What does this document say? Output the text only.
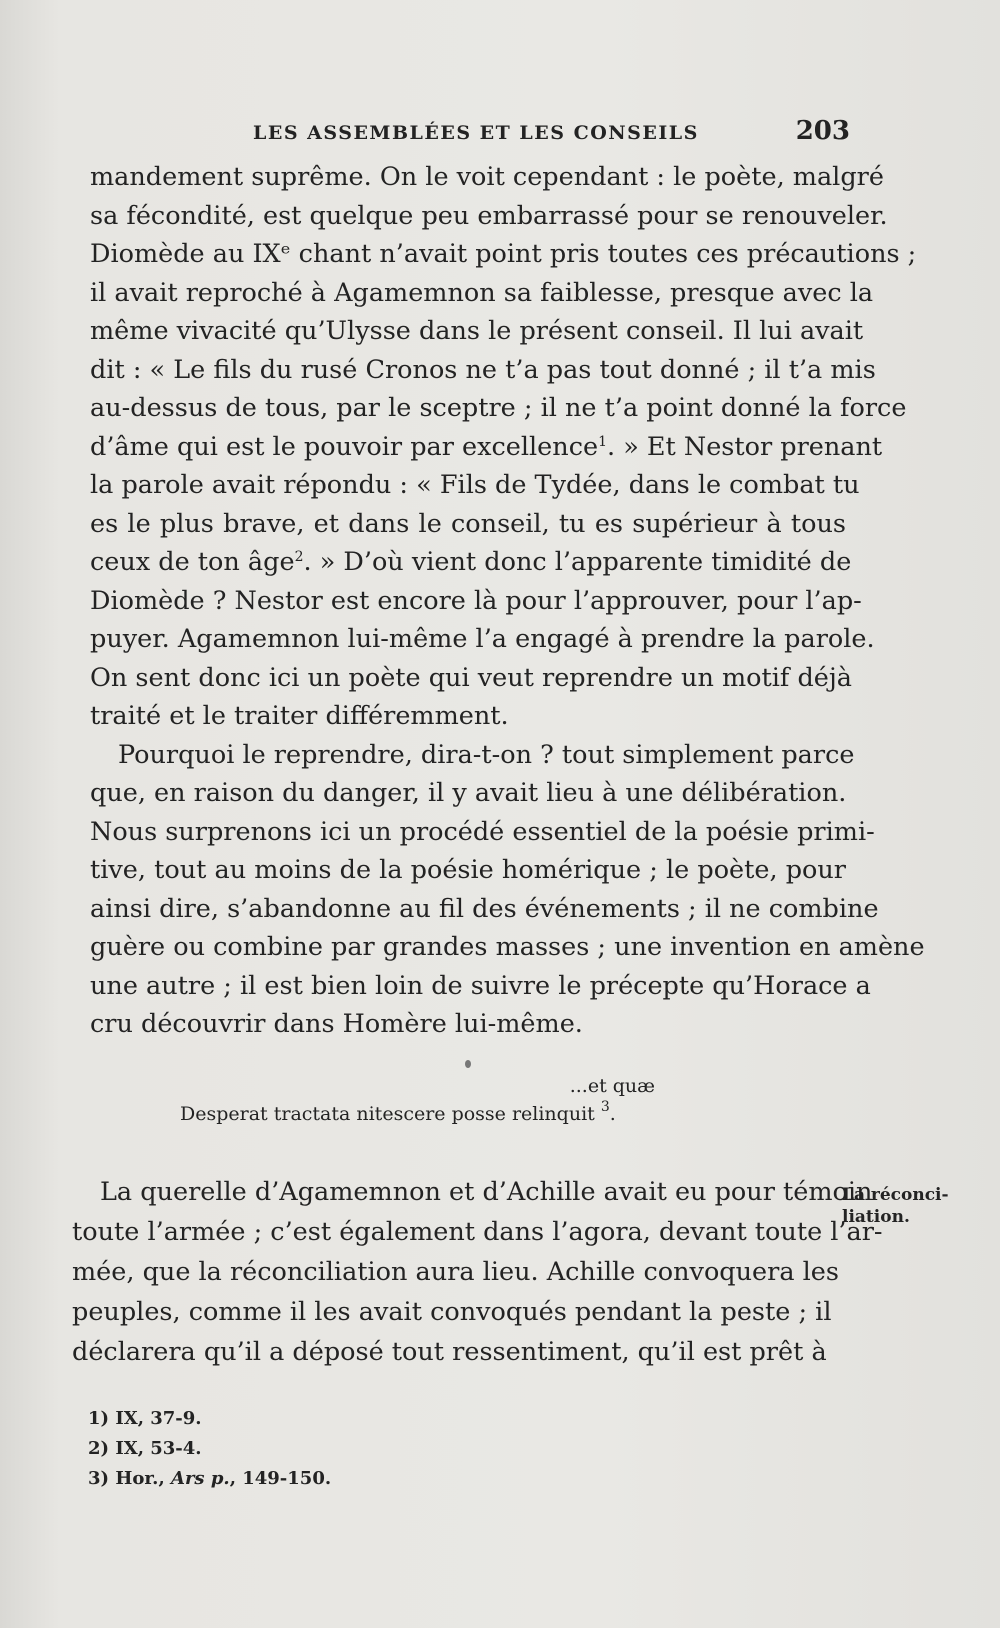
LES ASSEMBLÉES ET LES CONSEILS	203
mandement suprême. On le voit cependant : le poète, malgré
sa fécondité, est quelque peu embarrassé pour se renouveler.
Diomède au IXᵉ chant n’avait point pris toutes ces précautions ;
il avait reproché à Agamemnon sa faiblesse, presque avec la
même vivacité qu’Ulysse dans le présent conseil. Il lui avait
dit : « Le fils du rusé Cronos ne t’a pas tout donné ; il t’a mis
au-dessus de tous, par le sceptre ; il ne t’a point donné la force
d’âme qui est le pouvoir par excellence$^1$. » Et Nestor prenant
la parole avait répondu : « Fils de Tydée, dans le combat tu
es le plus brave, et dans le conseil, tu es supérieur à tous
ceux de ton âge$^2$. » D’où vient donc l’apparente timidité de
Diomède ? Nestor est encore là pour l’approuver, pour l’ap-
puyer. Agamemnon lui-même l’a engagé à prendre la parole.
On sent donc ici un poète qui veut reprendre un motif déjà
traité et le traiter différemment.
Pourquoi le reprendre, dira-t-on ? tout simplement parce
que, en raison du danger, il y avait lieu à une délibération.
Nous surprenons ici un procédé essentiel de la poésie primi-
tive, tout au moins de la poésie homérique ; le poète, pour
ainsi dire, s’abandonne au fil des événements ; il ne combine
guère ou combine par grandes masses ; une invention en amène
une autre ; il est bien loin de suivre le précepte qu’Horace a
cru découvrir dans Homère lui-même.
...et quæ
Desperat tractata nitescere posse relinquit $^3$.
La querelle d’Agamemnon et d’Achille avait eu pour témoin
toute l’armée ; c’est également dans l’agora, devant toute l’ar-
mée, que la réconciliation aura lieu. Achille convoquera les
peuples, comme il les avait convoqués pendant la peste ; il
déclarera qu’il a déposé tout ressentiment, qu’il est prêt à
La réconci-
liation.
1) IX, 37-9.
2) IX, 53-4.
3) Hor., Ars p., 149-150.
